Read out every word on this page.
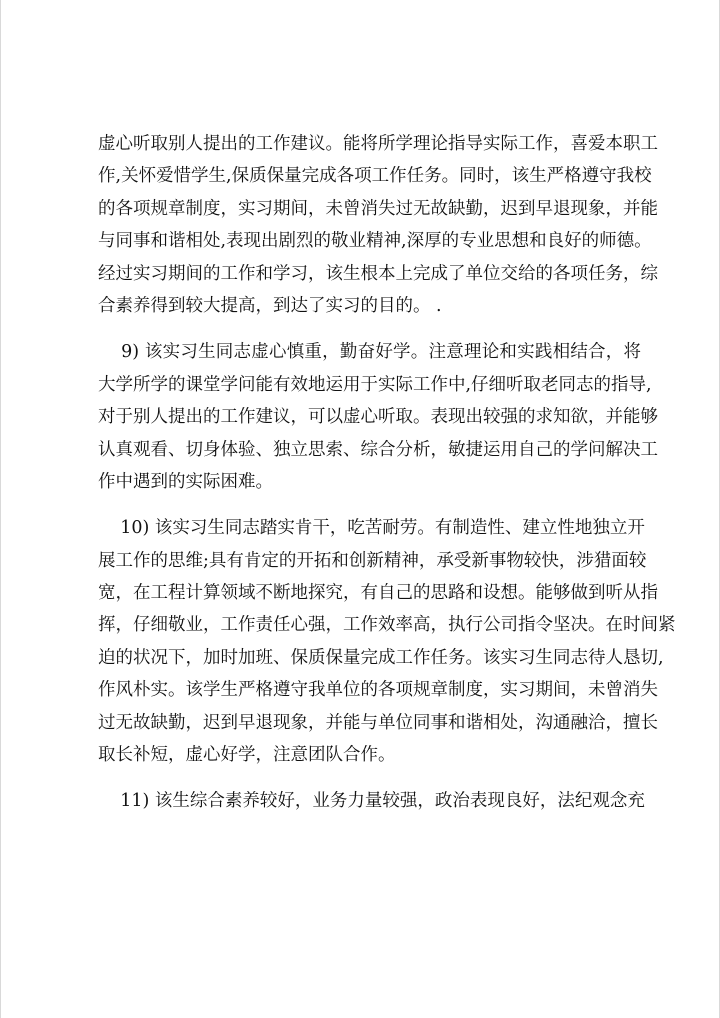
虚心听取别人提出的工作建议。能将所学理论指导实际工作，喜爱本职工
作,关怀爱惜学生,保质保量完成各项工作任务。同时，该生严格遵守我校
的各项规章制度，实习期间，未曾消失过无故缺勤，迟到早退现象，并能
与同事和谐相处,表现出剧烈的敬业精神,深厚的专业思想和良好的师德。
经过实习期间的工作和学习，该生根本上完成了单位交给的各项任务，综
合素养得到较大提高，到达了实习的目的。 .
9) 该实习生同志虚心慎重，勤奋好学。注意理论和实践相结合，将
大学所学的课堂学问能有效地运用于实际工作中,仔细听取老同志的指导,
对于别人提出的工作建议，可以虚心听取。表现出较强的求知欲，并能够
认真观看、切身体验、独立思索、综合分析，敏捷运用自己的学问解决工
作中遇到的实际困难。
10) 该实习生同志踏实肯干，吃苦耐劳。有制造性、建立性地独立开
展工作的思维;具有肯定的开拓和创新精神，承受新事物较快，涉猎面较
宽，在工程计算领域不断地探究，有自己的思路和设想。能够做到听从指
挥，仔细敬业，工作责任心强，工作效率高，执行公司指令坚决。在时间紧
迫的状况下，加时加班、保质保量完成工作任务。该实习生同志待人恳切,
作风朴实。该学生严格遵守我单位的各项规章制度，实习期间，未曾消失
过无故缺勤，迟到早退现象，并能与单位同事和谐相处，沟通融洽，擅长
取长补短，虚心好学，注意团队合作。
11) 该生综合素养较好，业务力量较强，政治表现良好，法纪观念充
